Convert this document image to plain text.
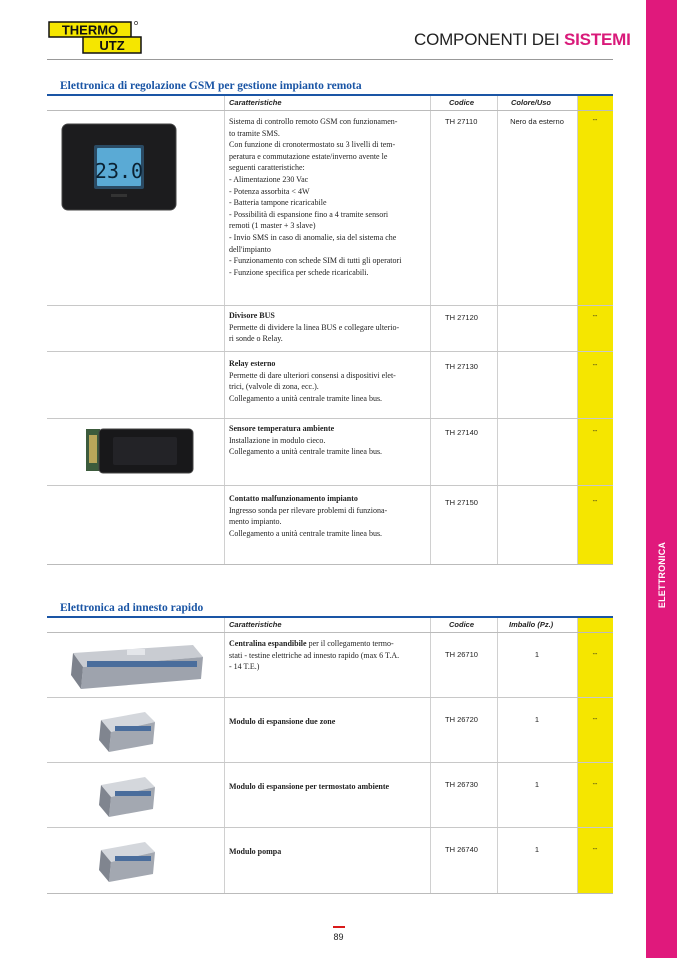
THERMO
UTZ	COMPONENTI DEI SISTEMI
ELETTRONICA
Elettronica di regolazione GSM per gestione impianto remota
Caratteristiche	Codice	Colore/Uso
23.0
Sistema di controllo remoto GSM con funzionamen-
to tramite SMS.
Con funzione di cronotermostato su 3 livelli di tem-
peratura e commutazione estate/inverno avente le
seguenti caratteristiche:
- Alimentazione 230 Vac
- Potenza assorbita < 4W
- Batteria tampone ricaricabile
- Possibilità di espansione fino a 4 tramite sensori
remoti (1 master + 3 slave)
- Invio SMS in caso di anomalie, sia del sistema che
dell'impianto
- Funzionamento con schede SIM di tutti gli operatori
- Funzione specifica per schede ricaricabili.
TH 27110	Nero da esterno	--
Divisore BUS
Permette di dividere la linea BUS e collegare ulterio-
ri sonde o Relay.
TH 27120	--
Relay esterno
Permette di dare ulteriori consensi a dispositivi elet-
trici, (valvole di zona, ecc.).
Collegamento a unità centrale tramite linea bus.
TH 27130	--
Sensore temperatura ambiente
Installazione in modulo cieco.
Collegamento a unità centrale tramite linea bus.
TH 27140	--
Contatto malfunzionamento impianto
Ingresso sonda per rilevare problemi di funziona-
mento impianto.
Collegamento a unità centrale tramite linea bus.
TH 27150	--
Elettronica ad innesto rapido
Caratteristiche	Codice	Imballo (Pz.)
Centralina espandibile per il collegamento termo-
stati - testine elettriche ad innesto rapido (max 6 T.A.
- 14 T.E.)
TH 26710	1	--
Modulo di espansione due zone	TH 26720	1	--
Modulo di espansione per termostato ambiente	TH 26730	1	--
Modulo pompa	TH 26740	1	--
89
